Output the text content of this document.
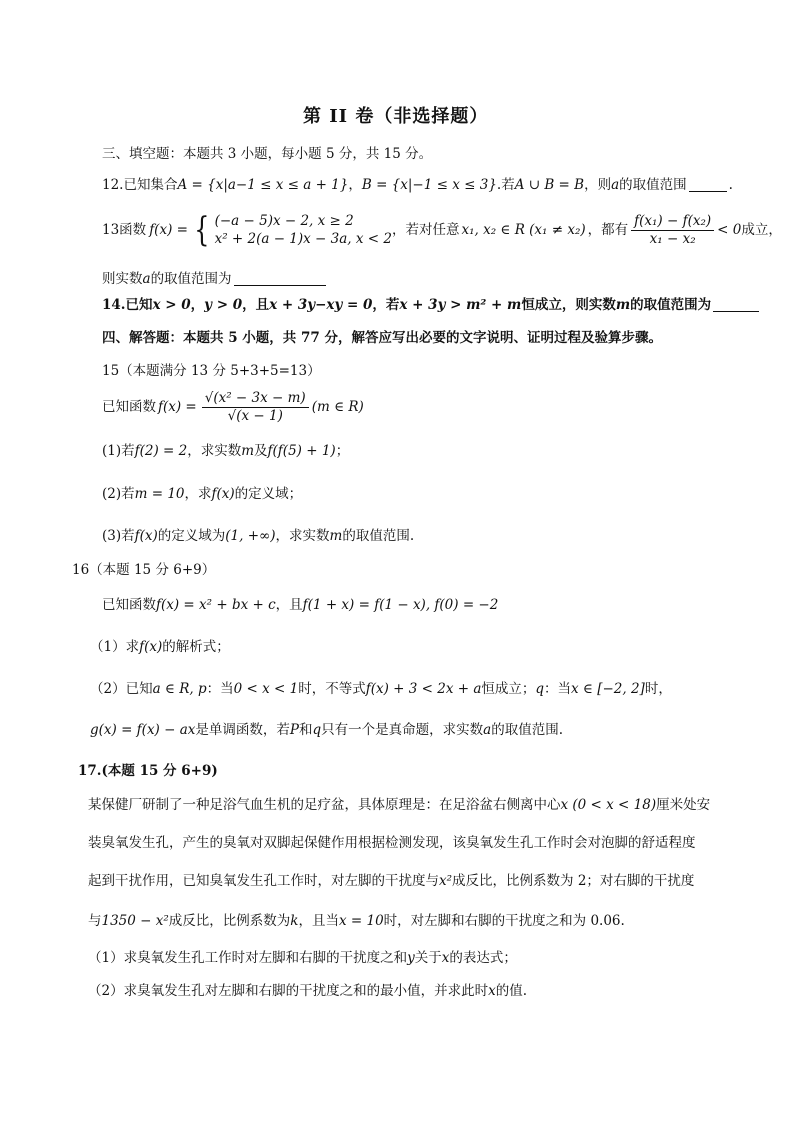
第 II 卷（非选择题）
三、填空题：本题共 3 小题，每小题 5 分，共 15 分。
12.已知集合A = {x|a−1 ≤ x ≤ a + 1}，B = {x|−1 ≤ x ≤ 3}.若A ∪ B = B，则a的取值范围	.
13函数 f(x) = { (−a − 5)x − 2, x ≥ 2
x² + 2(a − 1)x − 3a, x < 2
，若对任意 x₁, x₂ ∈ R (x₁ ≠ x₂) ，都有 $\frac{\text{f(x₁) − f(x₂)}}{\text{x₁ − x₂}} < 0$ 成立，
则实数a的取值范围为
14.已知x > 0，y > 0，且x + 3y−xy = 0，若x + 3y > m² + m恒成立，则实数m的取值范围为
四、解答题：本题共 5 小题，共 77 分，解答应写出必要的文字说明、证明过程及验算步骤。
15（本题满分 13 分 5+3+5=13）
已知函数 $f(x) = \frac{\text{√(x² − 3x − m)}}{√(x - 1)} (m$ ∈ R)
(1)若f(2) = 2，求实数m及f(f(5) + 1)；
(2)若m = 10，求f(x)的定义域；
(3)若f(x)的定义域为(1, +∞)，求实数m的取值范围.
16（本题 15 分 6+9）
已知函数f(x) = x² + bx + c，且f(1 + x) = f(1 − x), f(0) = −2
（1）求f(x)的解析式；
（2）已知a ∈ R, p：当0 < x < 1时，不等式f(x) + 3 < 2x + a恒成立；q：当x ∈ [−2, 2]时，
g(x) = f(x) − ax是单调函数，若P和q只有一个是真命题，求实数a的取值范围.
17.(本题 15 分 6+9)
某保健厂研制了一种足浴气血生机的足疗盆，具体原理是：在足浴盆右侧离中心x (0 < x < 18)厘米处安
装臭氧发生孔，产生的臭氧对双脚起保健作用根据检测发现，该臭氧发生孔工作时会对泡脚的舒适程度
起到干扰作用，已知臭氧发生孔工作时，对左脚的干扰度与x²成反比，比例系数为 2；对右脚的干扰度
与1350 − x²成反比，比例系数为k，且当x = 10时，对左脚和右脚的干扰度之和为 0.06.
（1）求臭氧发生孔工作时对左脚和右脚的干扰度之和y关于x的表达式；
（2）求臭氧发生孔对左脚和右脚的干扰度之和的最小值，并求此时x的值.
